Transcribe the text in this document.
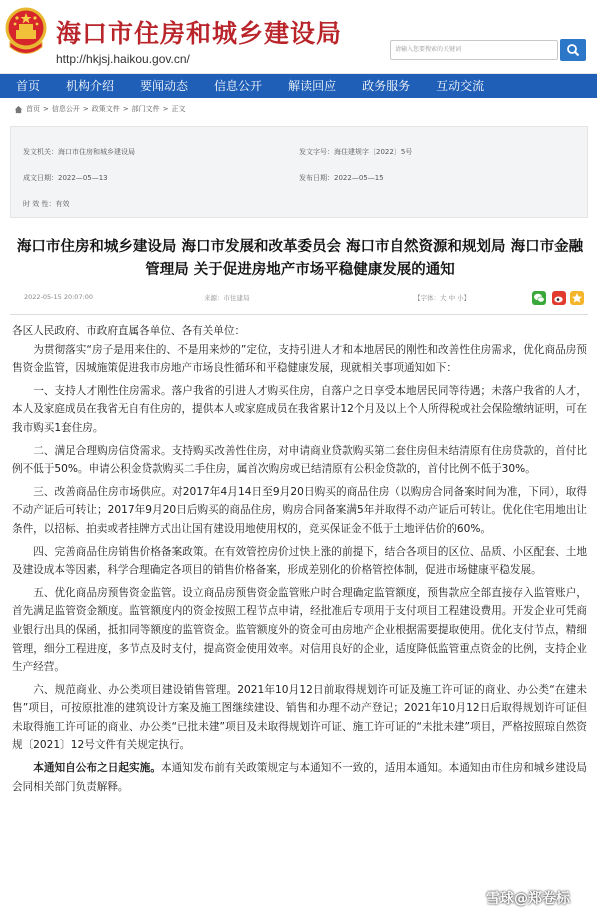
海口市住房和城乡建设局
http://hkjsj.haikou.gov.cn/
请输入您要搜索的关键词
首页	机构介绍	要闻动态	信息公开	解读回应	政务服务	互动交流
首页 > 信息公开 > 政策文件 > 部门文件 > 正文
发文机关：海口市住房和城乡建设局	发文字号：海住建规字〔2022〕5号
成文日期：2022—05—13	发布日期：2022—05—15
时 效 性：有效
海口市住房和城乡建设局 海口市发展和改革委员会 海口市自然资源和规划局 海口市金融管理局 关于促进房地产市场平稳健康发展的通知
2022-05-15 20:07:00	来源：市住建局	【字体：大 中 小】

各区人民政府、市政府直属各单位、各有关单位：

为贯彻落实“房子是用来住的、不是用来炒的”定位，支持引进人才和本地居民的刚性和改善性住房需求，优化商品房预售资金监管，因城施策促进我市房地产市场良性循环和平稳健康发展，现就相关事项通知如下：

一、支持人才刚性住房需求。落户我省的引进人才购买住房，自落户之日享受本地居民同等待遇；未落户我省的人才，本人及家庭成员在我省无自有住房的，提供本人或家庭成员在我省累计12个月及以上个人所得税或社会保险缴纳证明，可在我市购买1套住房。

二、满足合理购房信贷需求。支持购买改善性住房，对申请商业贷款购买第二套住房但未结清原有住房贷款的，首付比例不低于50%。申请公积金贷款购买二手住房，属首次购房或已结清原有公积金贷款的，首付比例不低于30%。

三、改善商品住房市场供应。对2017年4月14日至9月20日购买的商品住房（以购房合同备案时间为准，下同），取得不动产证后可转让；2017年9月20日后购买的商品住房，购房合同备案满5年并取得不动产证后可转让。优化住宅用地出让条件，以招标、拍卖或者挂牌方式出让国有建设用地使用权的，竞买保证金不低于土地评估价的60%。

四、完善商品住房销售价格备案政策。在有效管控房价过快上涨的前提下，结合各项目的区位、品质、小区配套、土地及建设成本等因素，科学合理确定各项目的销售价格备案，形成差别化的价格管控体制，促进市场健康平稳发展。

五、优化商品房预售资金监管。设立商品房预售资金监管账户时合理确定监管额度，预售款应全部直接存入监管账户，首先满足监管资金额度。监管额度内的资金按照工程节点申请，经批准后专项用于支付项目工程建设费用。开发企业可凭商业银行出具的保函，抵扣同等额度的监管资金。监管额度外的资金可由房地产企业根据需要提取使用。优化支付节点，精细管理，细分工程进度，多节点及时支付，提高资金使用效率。对信用良好的企业，适度降低监管重点资金的比例，支持企业生产经营。

六、规范商业、办公类项目建设销售管理。2021年10月12日前取得规划许可证及施工许可证的商业、办公类“在建未售”项目，可按原批准的建筑设计方案及施工图继续建设、销售和办理不动产登记；2021年10月12日后取得规划许可证但未取得施工许可证的商业、办公类“已批未建”项目及未取得规划许可证、施工许可证的“未批未建”项目，严格按照琼自然资规〔2021〕12号文件有关规定执行。

本通知自公布之日起实施。本通知发布前有关政策规定与本通知不一致的，适用本通知。本通知由市住房和城乡建设局会同相关部门负责解释。

雪球@郑卷标
